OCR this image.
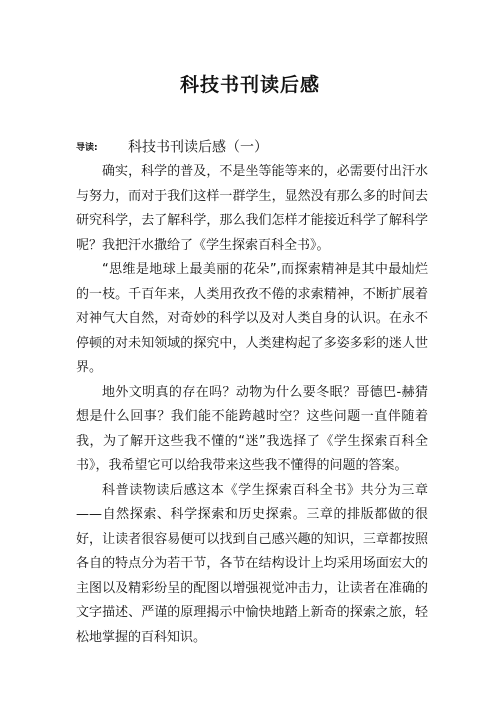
科技书刊读后感
导读: 科技书刊读后感（一）

确实，科学的普及，不是坐等能等来的，必需要付出汗水与努力，而对于我们这样一群学生，显然没有那么多的时间去研究科学，去了解科学，那么我们怎样才能接近科学了解科学呢？我把汗水撒给了《学生探索百科全书》。

“思维是地球上最美丽的花朵”,而探索精神是其中最灿烂的一枝。千百年来，人类用孜孜不倦的求索精神，不断扩展着对神气大自然，对奇妙的科学以及对人类自身的认识。在永不停顿的对未知领域的探究中，人类建构起了多姿多彩的迷人世界。

地外文明真的存在吗？动物为什么要冬眠？哥德巴-赫猜想是什么回事？我们能不能跨越时空？这些问题一直伴随着我，为了解开这些我不懂的“迷”我选择了《学生探索百科全书》，我希望它可以给我带来这些我不懂得的问题的答案。

科普读物读后感这本《学生探索百科全书》共分为三章——自然探索、科学探索和历史探索。三章的排版都做的很好，让读者很容易便可以找到自己感兴趣的知识，三章都按照各自的特点分为若干节，各节在结构设计上均采用场面宏大的主图以及精彩纷呈的配图以增强视觉冲击力，让读者在准确的文字描述、严谨的原理揭示中愉快地踏上新奇的探索之旅，轻松地掌握的百科知识。
